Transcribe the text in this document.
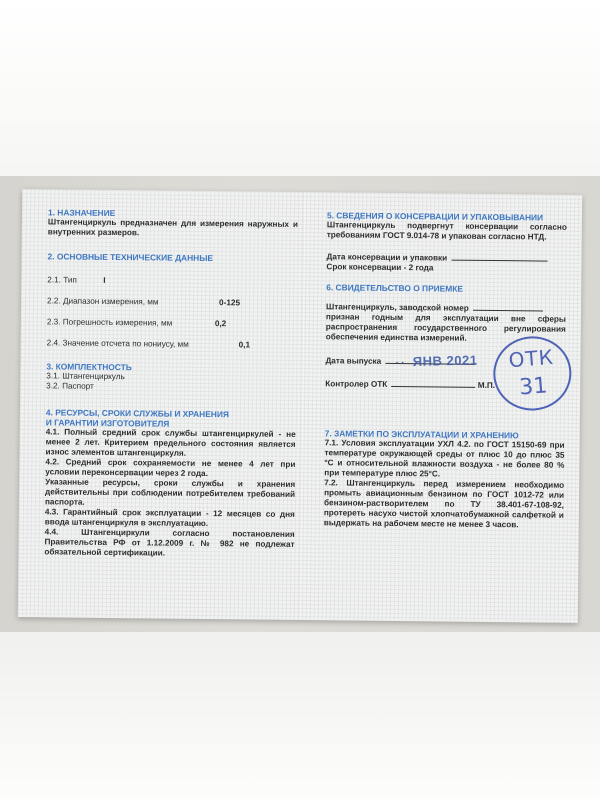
1. НАЗНАЧЕНИЕ

Штангенциркуль предназначен для измерения наружных и внутренних размеров.

2. ОСНОВНЫЕ ТЕХНИЧЕСКИЕ ДАННЫЕ

2.1. Тип	I
2.2. Диапазон измерения, мм	0-125
2.3. Погрешность измерения, мм	0,2
2.4. Значение отсчета по нониусу, мм	0,1

3. КОМПЛЕКТНОСТЬ

3.1. Штангенциркуль

3.2. Паспорт

4. РЕСУРСЫ, СРОКИ СЛУЖБЫ И ХРАНЕНИЯ

И ГАРАНТИИ ИЗГОТОВИТЕЛЯ

4.1. Полный средний срок службы штангенциркулей - не менее 2 лет. Критерием предельного состояния является износ элементов штангенциркуля.

4.2. Средний срок сохраняемости не менее 4 лет при условии переконсервации через 2 года.

Указанные ресурсы, сроки службы и хранения действительны при соблюдении потребителем требований паспорта.

4.3. Гарантийный срок эксплуатации - 12 месяцев со дня ввода штангенциркуля в эксплуатацию.

4.4. Штангенциркули согласно постановления Правительства РФ от 1.12.2009 г. № 982 не подлежат обязательной сертификации.

5. СВЕДЕНИЯ О КОНСЕРВАЦИИ И УПАКОВЫВАНИИ

Штангенциркуль подвергнут консервации согласно требованиям ГОСТ 9.014-78 и упакован согласно НТД.

Дата консервации и упаковки

Срок консервации - 2 года

6. СВИДЕТЕЛЬСТВО О ПРИЕМКЕ

Штангенциркуль, заводской номер

признан годным для эксплуатации вне сферы распространения государственного регулирования обеспечения единства измерений.

Дата выпуска
Контролер ОТК	М.П.

7. ЗАМЕТКИ ПО ЭКСПЛУАТАЦИИ И ХРАНЕНИЮ

7.1. Условия эксплуатации УХЛ 4.2. по ГОСТ 15150-69 при температуре окружающей среды от плюс 10 до плюс 35 °С и относительной влажности воздуха - не более 80 % при температуре плюс 25°С.

7.2. Штангенциркуль перед измерением необходимо промыть авиационным бензином по ГОСТ 1012-72 или бензином-растворителем по ТУ 38.401-67-108-92, протереть насухо чистой хлопчатобумажной салфеткой и выдержать на рабочем месте не менее 3 часов.

·· ЯНВ 2021	ОТК
31
